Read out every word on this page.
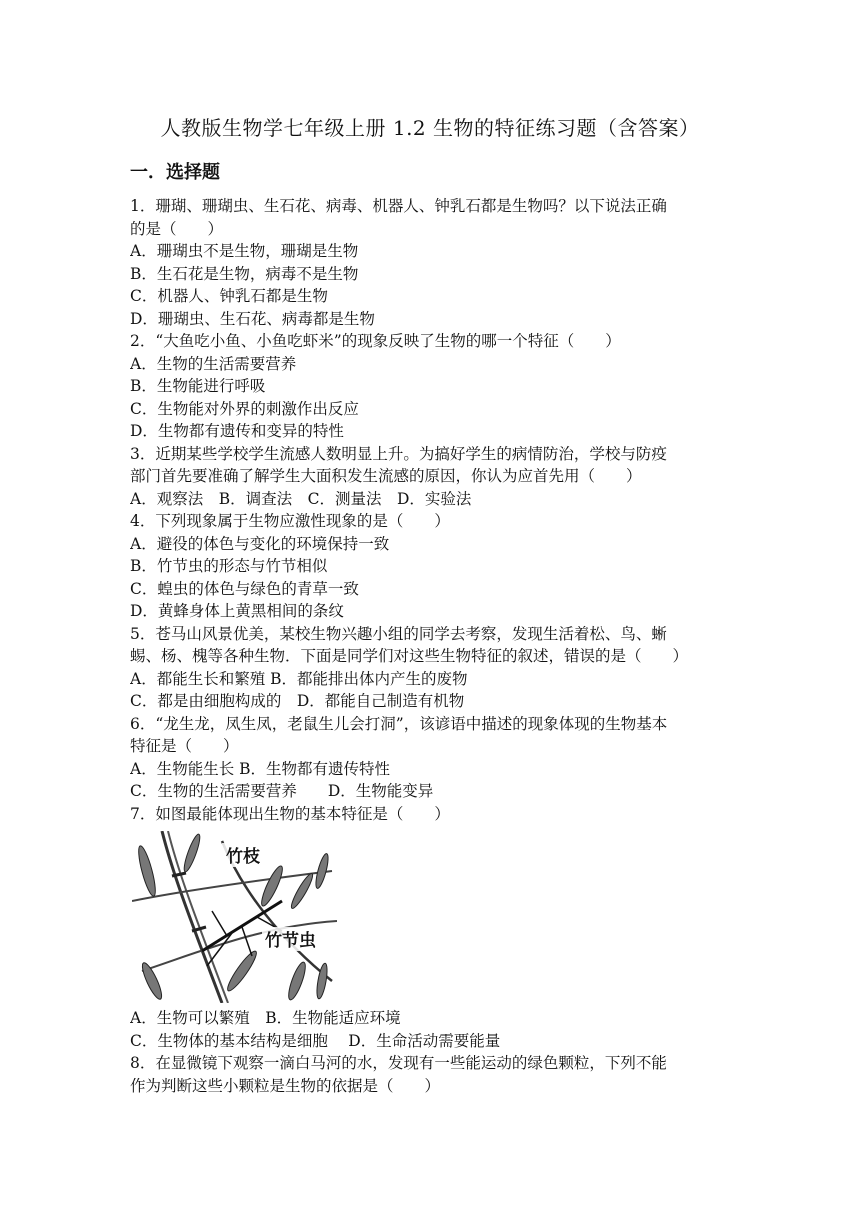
人教版生物学七年级上册 1.2 生物的特征练习题（含答案）
一．选择题
1．珊瑚、珊瑚虫、生石花、病毒、机器人、钟乳石都是生物吗？以下说法正确
的是（　　）
A．珊瑚虫不是生物，珊瑚是生物
B．生石花是生物，病毒不是生物
C．机器人、钟乳石都是生物
D．珊瑚虫、生石花、病毒都是生物
2．“大鱼吃小鱼、小鱼吃虾米”的现象反映了生物的哪一个特征（　　）
A．生物的生活需要营养
B．生物能进行呼吸
C．生物能对外界的刺激作出反应
D．生物都有遗传和变异的特性
3．近期某些学校学生流感人数明显上升。为搞好学生的病情防治，学校与防疫
部门首先要准确了解学生大面积发生流感的原因，你认为应首先用（　　）
A．观察法　B．调查法　C．测量法　D．实验法
4．下列现象属于生物应激性现象的是（　　）
A．避役的体色与变化的环境保持一致
B．竹节虫的形态与竹节相似
C．蝗虫的体色与绿色的青草一致
D．黄蜂身体上黄黑相间的条纹
5．苍马山风景优美，某校生物兴趣小组的同学去考察，发现生活着松、鸟、蜥
蜴、杨、槐等各种生物．下面是同学们对这些生物特征的叙述，错误的是（　　）
A．都能生长和繁殖 B．都能排出体内产生的废物
C．都是由细胞构成的　D．都能自己制造有机物
6．“龙生龙，凤生凤，老鼠生儿会打洞”，该谚语中描述的现象体现的生物基本
特征是（　　）
A．生物能生长 B．生物都有遗传特性
C．生物的生活需要营养　　D．生物能变异
7．如图最能体现出生物的基本特征是（　　）
竹枝
竹节虫
A．生物可以繁殖　B．生物能适应环境
C．生物体的基本结构是细胞　 D．生命活动需要能量
8．在显微镜下观察一滴白马河的水，发现有一些能运动的绿色颗粒，下列不能
作为判断这些小颗粒是生物的依据是（　　）
